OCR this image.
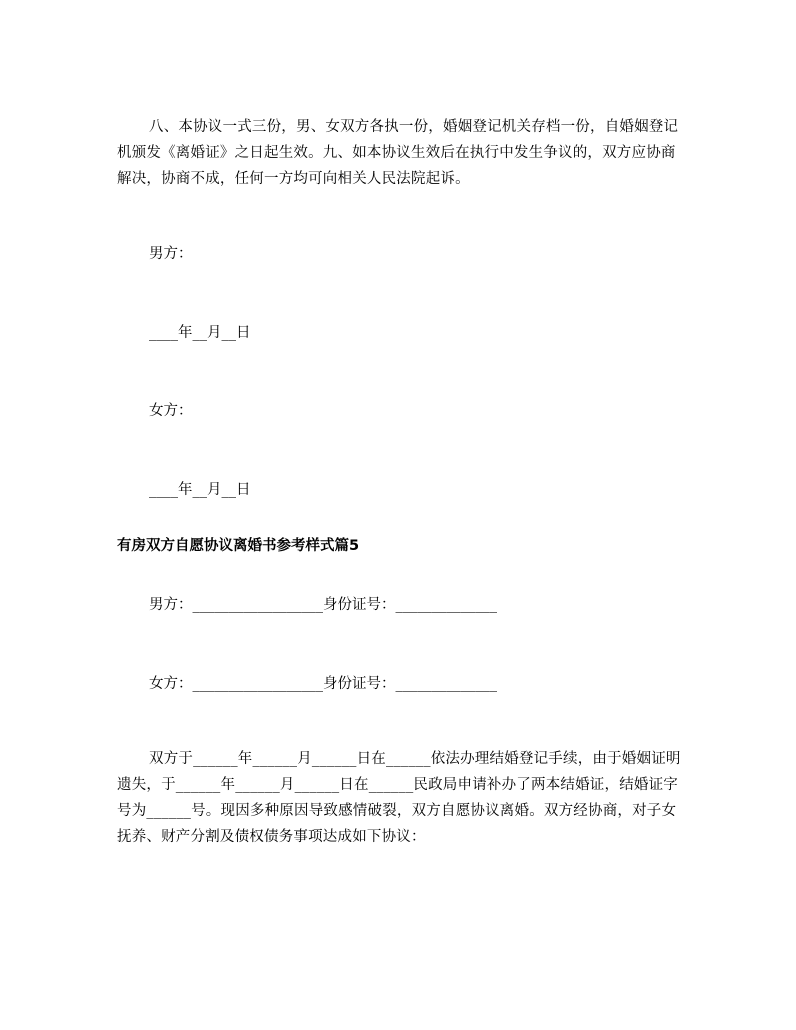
八、本协议一式三份，男、女双方各执一份，婚姻登记机关存档一份，自婚姻登记机颁发《离婚证》之日起生效。九、如本协议生效后在执行中发生争议的，双方应协商解决，协商不成，任何一方均可向相关人民法院起诉。

男方：
____年__月__日
女方：
____年__月__日
有房双方自愿协议离婚书参考样式篇5
男方：__________________身份证号：______________
女方：__________________身份证号：______________

双方于______年______月______日在______依法办理结婚登记手续，由于婚姻证明遗失，于______年______月______日在______民政局申请补办了两本结婚证，结婚证字号为______号。现因多种原因导致感情破裂，双方自愿协议离婚。双方经协商，对子女抚养、财产分割及债权债务事项达成如下协议：
